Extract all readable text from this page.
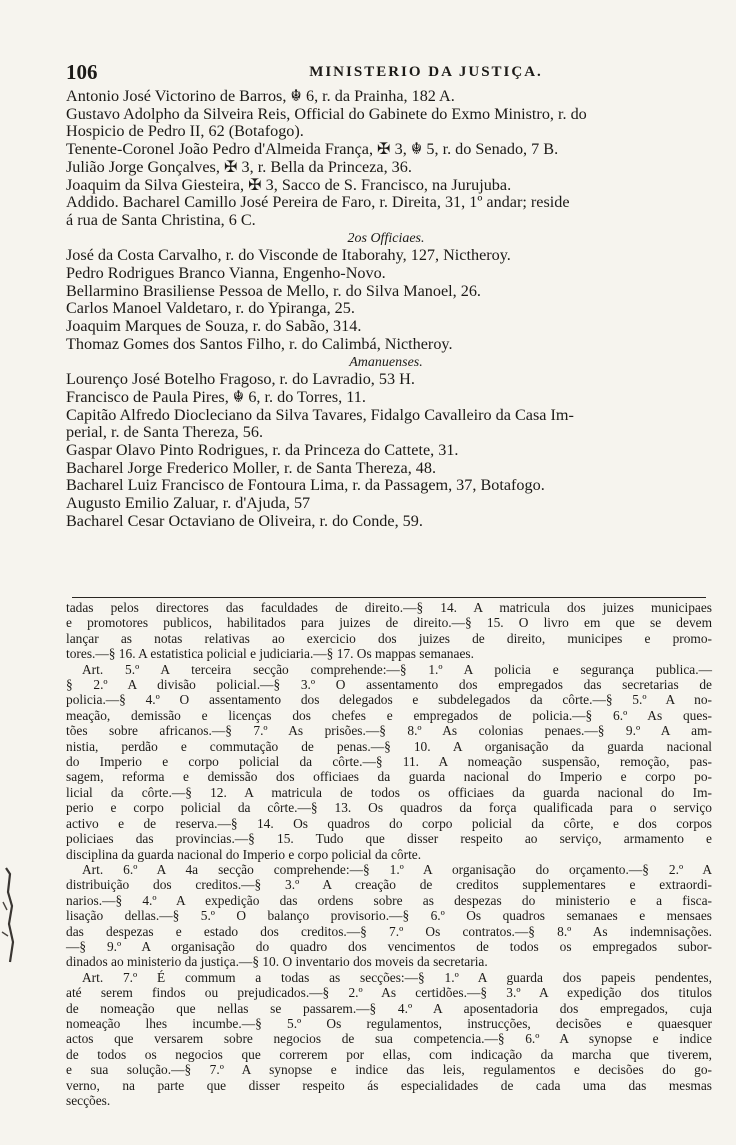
106	MINISTERIO DA JUSTIÇA.
Antonio José Victorino de Barros, ☬ 6, r. da Prainha, 182 A.
Gustavo Adolpho da Silveira Reis, Official do Gabinete do Exmo Ministro, r. do
Hospicio de Pedro II, 62 (Botafogo).
Tenente-Coronel João Pedro d'Almeida França, ✠ 3, ☬ 5, r. do Senado, 7 B.
Julião Jorge Gonçalves, ✠ 3, r. Bella da Princeza, 36.
Joaquim da Silva Giesteira, ✠ 3, Sacco de S. Francisco, na Jurujuba.
Addido. Bacharel Camillo José Pereira de Faro, r. Direita, 31, 1º andar; reside
á rua de Santa Christina, 6 C.
2os Officiaes.
José da Costa Carvalho, r. do Visconde de Itaborahy, 127, Nictheroy.
Pedro Rodrigues Branco Vianna, Engenho-Novo.
Bellarmino Brasiliense Pessoa de Mello, r. do Silva Manoel, 26.
Carlos Manoel Valdetaro, r. do Ypiranga, 25.
Joaquim Marques de Souza, r. do Sabão, 314.
Thomaz Gomes dos Santos Filho, r. do Calimbá, Nictheroy.
Amanuenses.
Lourenço José Botelho Fragoso, r. do Lavradio, 53 H.
Francisco de Paula Pires, ☬ 6, r. do Torres, 11.
Capitão Alfredo Diocleciano da Silva Tavares, Fidalgo Cavalleiro da Casa Im-
perial, r. de Santa Thereza, 56.
Gaspar Olavo Pinto Rodrigues, r. da Princeza do Cattete, 31.
Bacharel Jorge Frederico Moller, r. de Santa Thereza, 48.
Bacharel Luiz Francisco de Fontoura Lima, r. da Passagem, 37, Botafogo.
Augusto Emilio Zaluar, r. d'Ajuda, 57
Bacharel Cesar Octaviano de Oliveira, r. do Conde, 59.
tadas pelos directores das faculdades de direito.—§ 14. A matricula dos juizes municipaes
e promotores publicos, habilitados para juizes de direito.—§ 15. O livro em que se devem
lançar as notas relativas ao exercicio dos juizes de direito, municipes e promo-
tores.—§ 16. A estatistica policial e judiciaria.—§ 17. Os mappas semanaes.
Art. 5.º A terceira secção comprehende:—§ 1.º A policia e segurança publica.—
§ 2.º A divisão policial.—§ 3.º O assentamento dos empregados das secretarias de
policia.—§ 4.º O assentamento dos delegados e subdelegados da côrte.—§ 5.º A no-
meação, demissão e licenças dos chefes e empregados de policia.—§ 6.º As ques-
tões sobre africanos.—§ 7.º As prisões.—§ 8.º As colonias penaes.—§ 9.º A am-
nistia, perdão e commutação de penas.—§ 10. A organisação da guarda nacional
do Imperio e corpo policial da côrte.—§ 11. A nomeação suspensão, remoção, pas-
sagem, reforma e demissão dos officiaes da guarda nacional do Imperio e corpo po-
licial da côrte.—§ 12. A matricula de todos os officiaes da guarda nacional do Im-
perio e corpo policial da côrte.—§ 13. Os quadros da força qualificada para o serviço
activo e de reserva.—§ 14. Os quadros do corpo policial da côrte, e dos corpos
policiaes das provincias.—§ 15. Tudo que disser respeito ao serviço, armamento e
disciplina da guarda nacional do Imperio e corpo policial da côrte.
Art. 6.º A 4a secção comprehende:—§ 1.º A organisação do orçamento.—§ 2.º A
distribuição dos creditos.—§ 3.º A creação de creditos supplementares e extraordi-
narios.—§ 4.º A expedição das ordens sobre as despezas do ministerio e a fisca-
lisação dellas.—§ 5.º O balanço provisorio.—§ 6.º Os quadros semanaes e mensaes
das despezas e estado dos creditos.—§ 7.º Os contratos.—§ 8.º As indemnisações.
—§ 9.º A organisação do quadro dos vencimentos de todos os empregados subor-
dinados ao ministerio da justiça.—§ 10. O inventario dos moveis da secretaria.
Art. 7.º É commum a todas as secções:—§ 1.º A guarda dos papeis pendentes,
até serem findos ou prejudicados.—§ 2.º As certidões.—§ 3.º A expedição dos titulos
de nomeação que nellas se passarem.—§ 4.º A aposentadoria dos empregados, cuja
nomeação lhes incumbe.—§ 5.º Os regulamentos, instrucções, decisões e quaesquer
actos que versarem sobre negocios de sua competencia.—§ 6.º A synopse e indice
de todos os negocios que correrem por ellas, com indicação da marcha que tiverem,
e sua solução.—§ 7.º A synopse e indice das leis, regulamentos e decisões do go-
verno, na parte que disser respeito ás especialidades de cada uma das mesmas
secções.
